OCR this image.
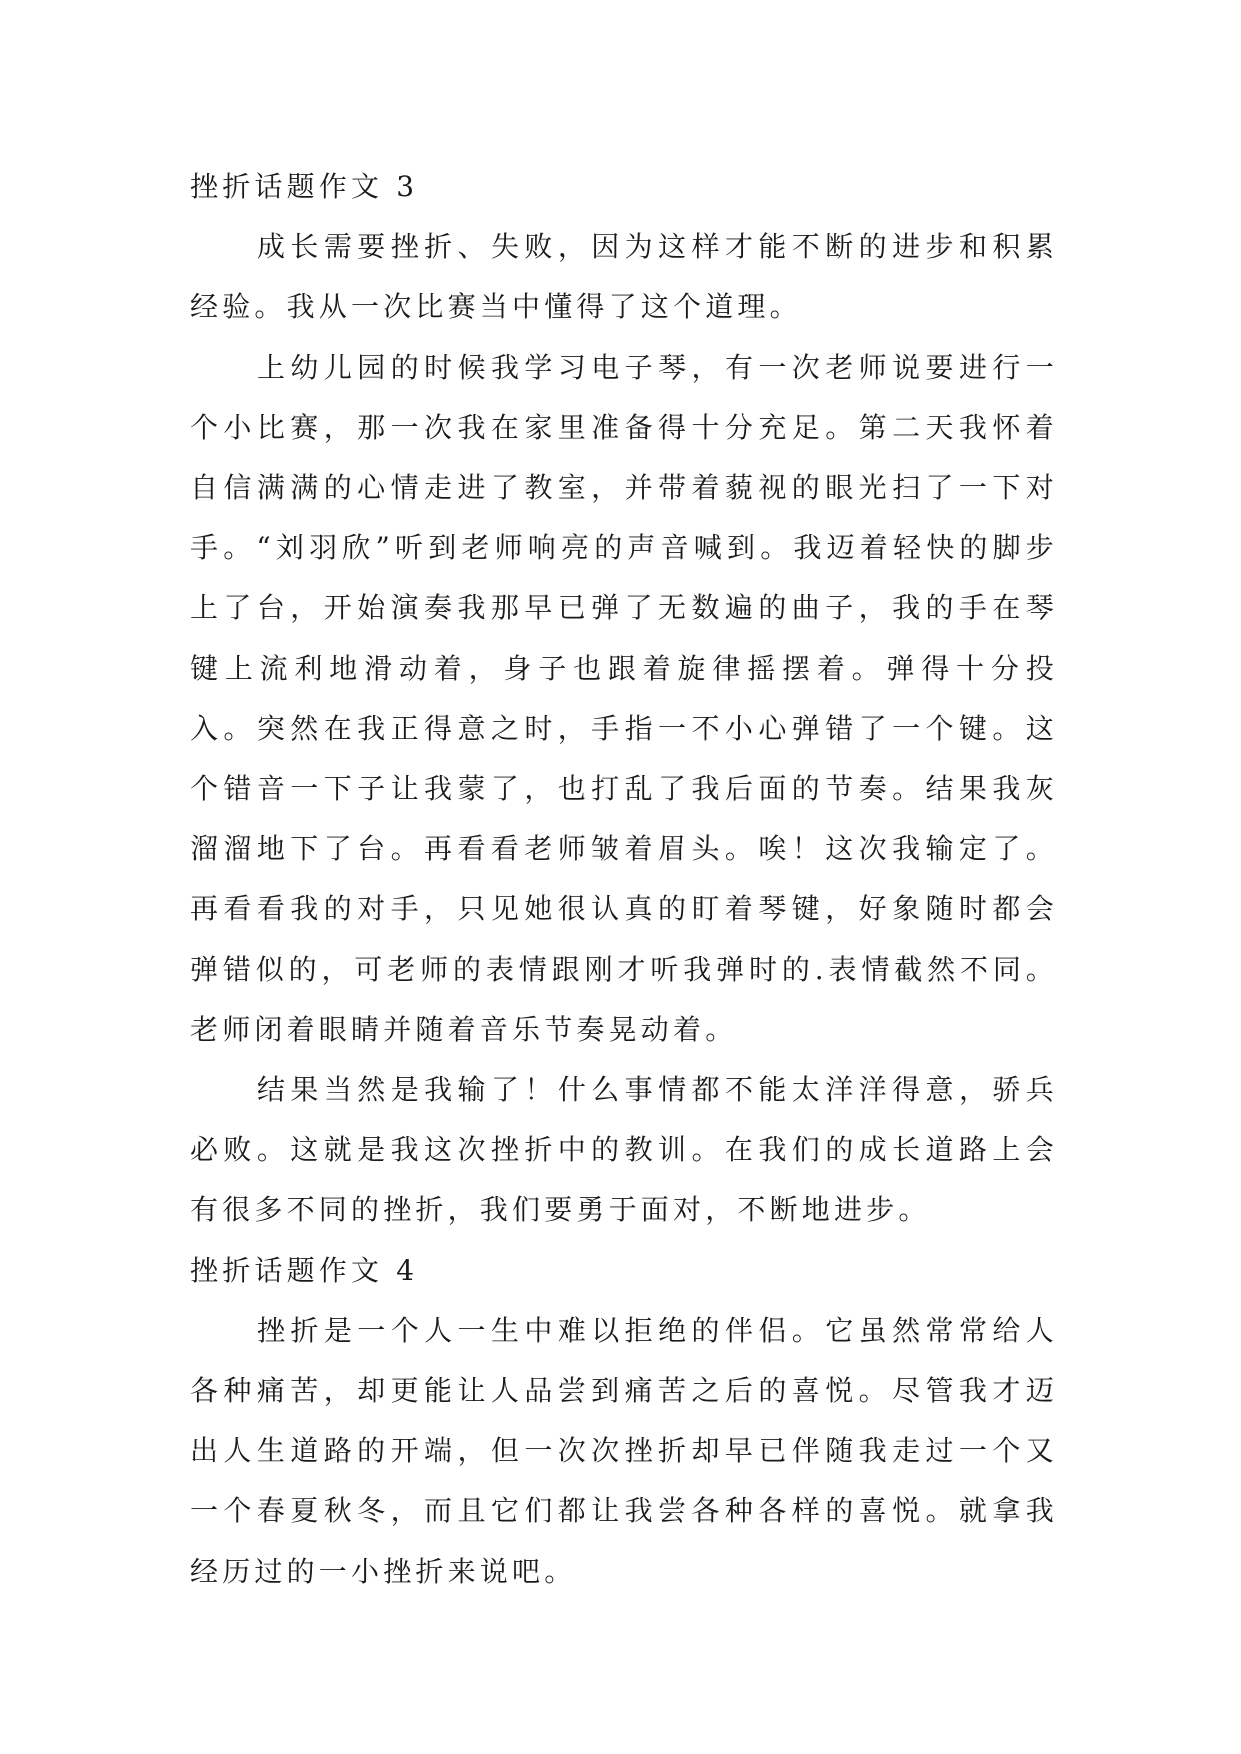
挫折话题作文 3

成长需要挫折、失败，因为这样才能不断的进步和积累经验。我从一次比赛当中懂得了这个道理。

上幼儿园的时候我学习电子琴，有一次老师说要进行一个小比赛，那一次我在家里准备得十分充足。第二天我怀着自信满满的心情走进了教室，并带着藐视的眼光扫了一下对手。“刘羽欣”听到老师响亮的声音喊到。我迈着轻快的脚步上了台，开始演奏我那早已弹了无数遍的曲子，我的手在琴键上流利地滑动着，身子也跟着旋律摇摆着。弹得十分投入。突然在我正得意之时，手指一不小心弹错了一个键。这个错音一下子让我蒙了，也打乱了我后面的节奏。结果我灰溜溜地下了台。再看看老师皱着眉头。唉！这次我输定了。再看看我的对手，只见她很认真的盯着琴键，好象随时都会弹错似的，可老师的表情跟刚才听我弹时的.表情截然不同。老师闭着眼睛并随着音乐节奏晃动着。

结果当然是我输了！什么事情都不能太洋洋得意，骄兵必败。这就是我这次挫折中的教训。在我们的成长道路上会有很多不同的挫折，我们要勇于面对，不断地进步。

挫折话题作文 4

挫折是一个人一生中难以拒绝的伴侣。它虽然常常给人各种痛苦，却更能让人品尝到痛苦之后的喜悦。尽管我才迈出人生道路的开端，但一次次挫折却早已伴随我走过一个又一个春夏秋冬，而且它们都让我尝各种各样的喜悦。就拿我经历过的一小挫折来说吧。
